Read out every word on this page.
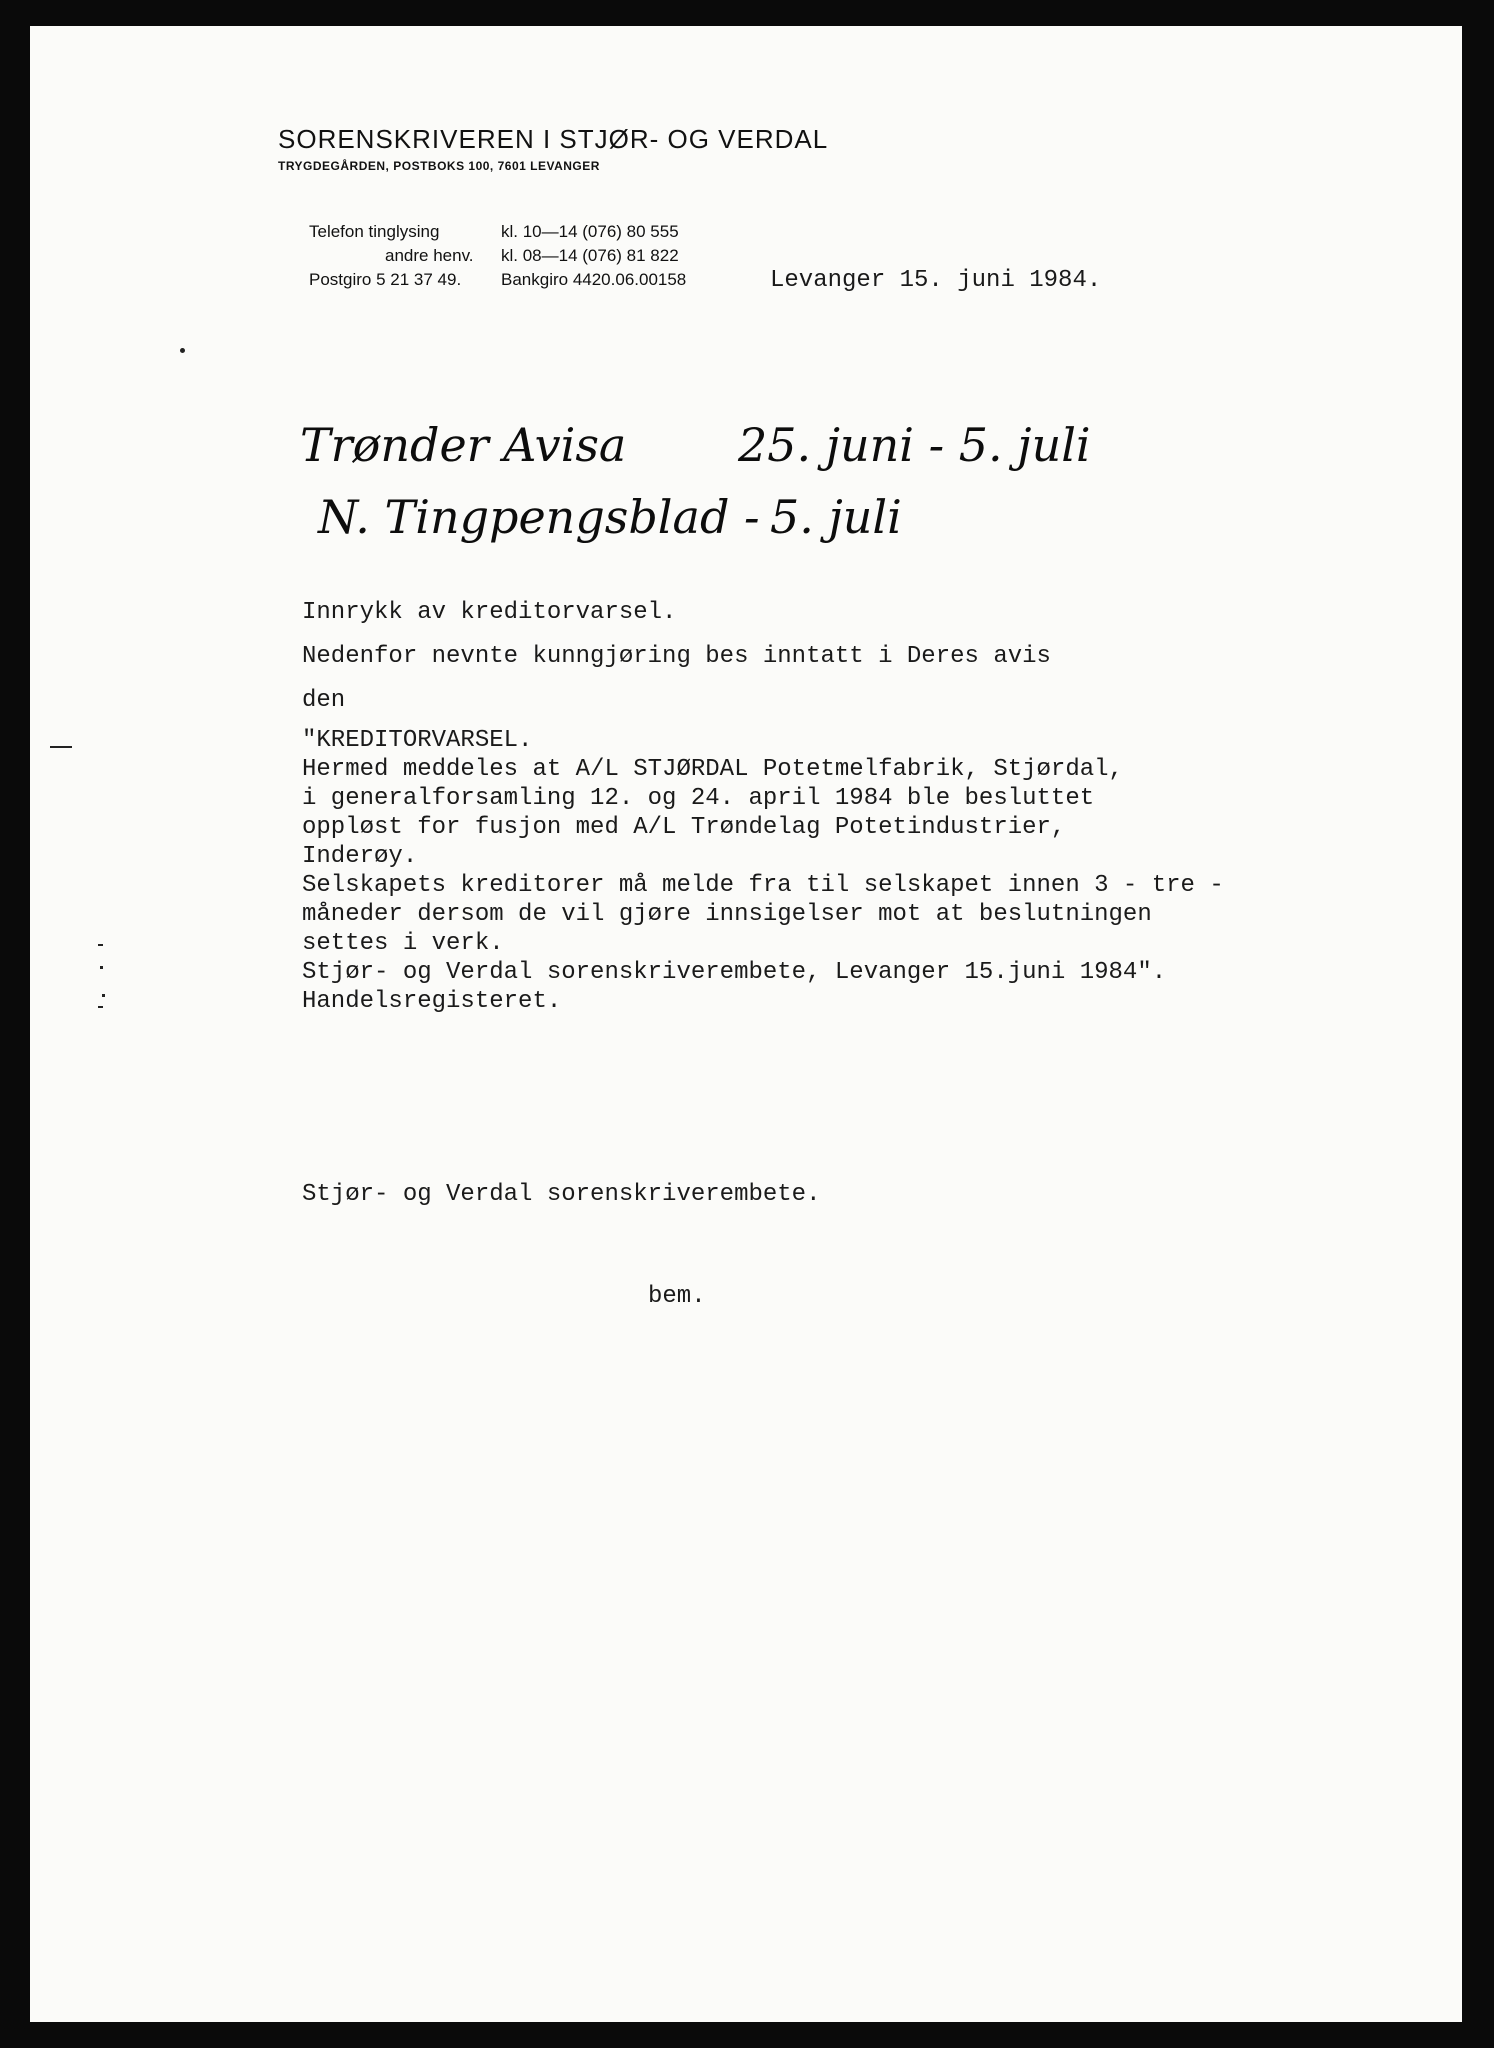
SORENSKRIVEREN I STJØR- OG VERDAL
TRYGDEGÅRDEN, POSTBOKS 100, 7601 LEVANGER
Telefon tinglysing	kl. 10—14 (076) 80 555
andre henv. kl. 08—14 (076) 81 822
Postgiro 5 21 37 49. Bankgiro 4420.06.00158	Levanger 15. juni 1984.
Trønder Avisa 25. juni - 5. juli
N. Tingpengsblad - 5. juli
Innrykk av kreditorvarsel.
Nedenfor nevnte kunngjøring bes inntatt i Deres avis
den
"KREDITORVARSEL.
Hermed meddeles at A/L STJØRDAL Potetmelfabrik, Stjørdal,
i generalforsamling 12. og 24. april 1984 ble besluttet
oppløst for fusjon med A/L Trøndelag Potetindustrier,
Inderøy.
Selskapets kreditorer må melde fra til selskapet innen 3 - tre -
måneder dersom de vil gjøre innsigelser mot at beslutningen
settes i verk.
Stjør- og Verdal sorenskriverembete, Levanger 15.juni 1984".
Handelsregisteret.
Stjør- og Verdal sorenskriverembete.
bem.
